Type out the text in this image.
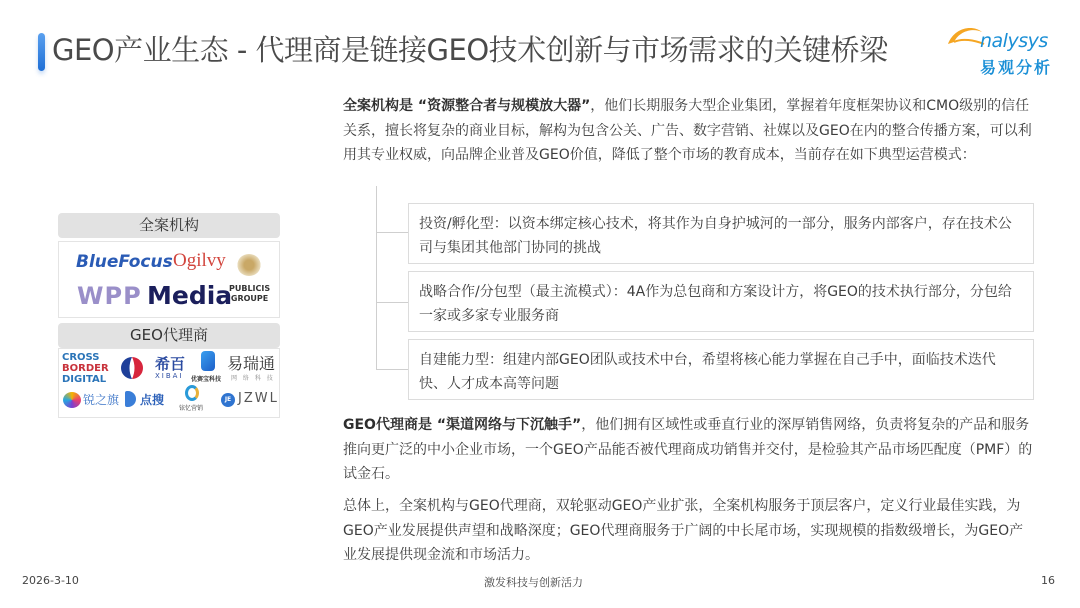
GEO产业生态 - 代理商是链接GEO技术创新与市场需求的关键桥梁	nalysys
易观分析
全案机构
BlueFocus Ogilvy
WPP Media
PUBLICIS
GROUPE
GEO代理商
CROSS
BORDER
DIGITAL
希百
XIBAI 优赛宝科技
易瑞通
网 络 科 技
锐之旗 点搜
铱忆营销
JE JZWL
全案机构是 “资源整合者与规模放大器”，他们长期服务大型企业集团，掌握着年度框架协议和CMO级别的信任关系，擅长将复杂的商业目标，解构为包含公关、广告、数字营销、社媒以及GEO在内的整合传播方案，可以利用其专业权威，向品牌企业普及GEO价值，降低了整个市场的教育成本，当前存在如下典型运营模式：
投资/孵化型：以资本绑定核心技术，将其作为自身护城河的一部分，服务内部客户，存在技术公司与集团其他部门协同的挑战
战略合作/分包型（最主流模式）：4A作为总包商和方案设计方，将GEO的技术执行部分，分包给一家或多家专业服务商
自建能力型：组建内部GEO团队或技术中台，希望将核心能力掌握在自己手中，面临技术迭代快、人才成本高等问题
GEO代理商是 “渠道网络与下沉触手”，他们拥有区域性或垂直行业的深厚销售网络，负责将复杂的产品和服务推向更广泛的中小企业市场，一个GEO产品能否被代理商成功销售并交付，是检验其产品市场匹配度（PMF）的试金石。
总体上，全案机构与GEO代理商，双轮驱动GEO产业扩张，全案机构服务于顶层客户，定义行业最佳实践，为GEO产业发展提供声望和战略深度；GEO代理商服务于广阔的中长尾市场，实现规模的指数级增长，为GEO产业发展提供现金流和市场活力。
2026-3-10	激发科技与创新活力	16
